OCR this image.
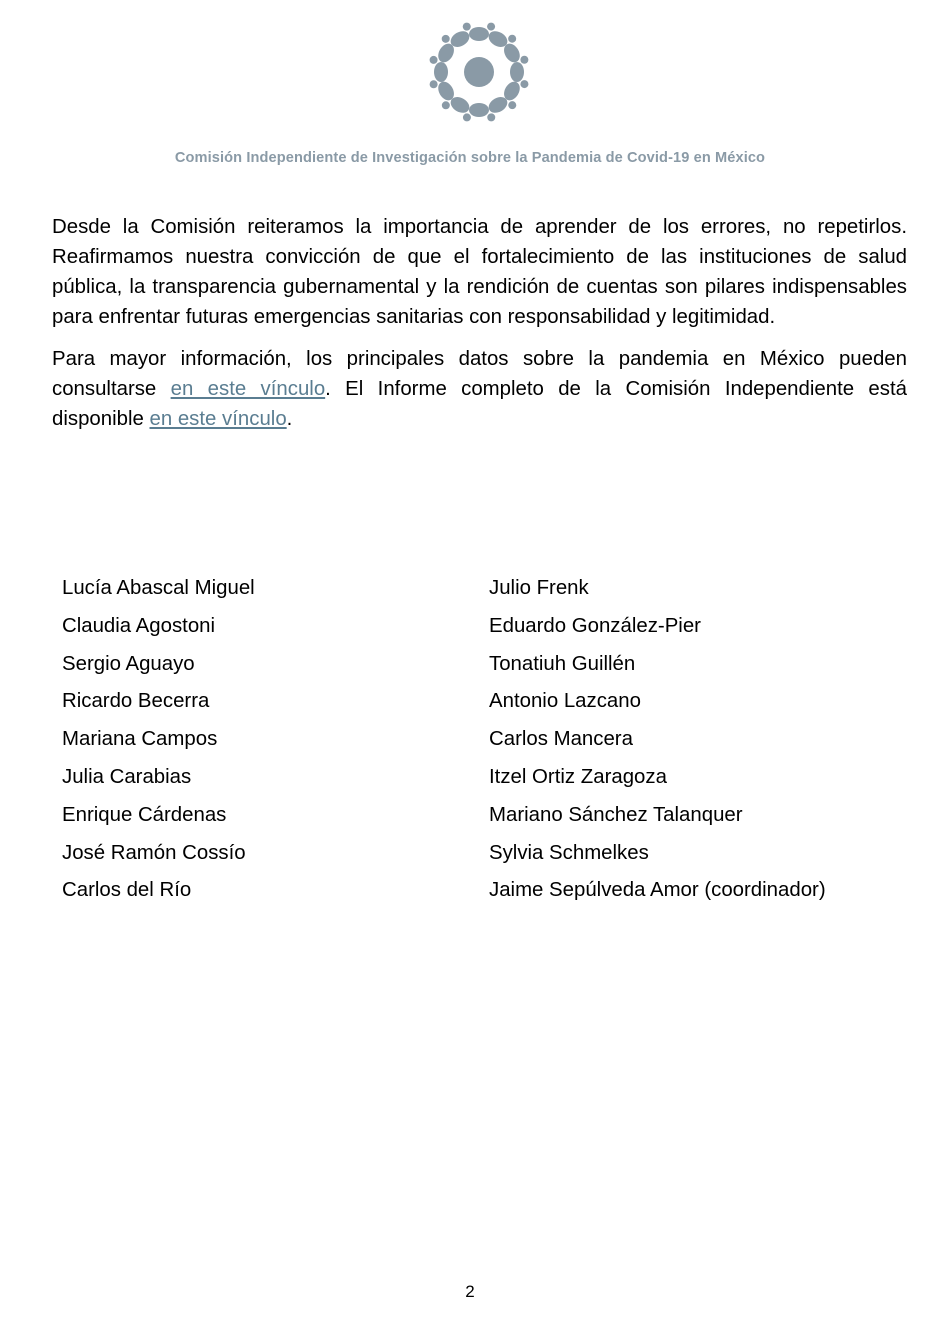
Comisión Independiente de Investigación sobre la Pandemia de Covid-19 en México

Desde la Comisión reiteramos la importancia de aprender de los errores, no repetirlos. Reafirmamos nuestra convicción de que el fortalecimiento de las instituciones de salud pública, la transparencia gubernamental y la rendición de cuentas son pilares indispensables para enfrentar futuras emergencias sanitarias con responsabilidad y legitimidad.

Para mayor información, los principales datos sobre la pandemia en México pueden consultarse en este vínculo. El Informe completo de la Comisión Independiente está disponible en este vínculo.

Lucía Abascal Miguel
Claudia Agostoni
Sergio Aguayo
Ricardo Becerra
Mariana Campos
Julia Carabias
Enrique Cárdenas
José Ramón Cossío
Carlos del Río
Julio Frenk
Eduardo González-Pier
Tonatiuh Guillén
Antonio Lazcano
Carlos Mancera
Itzel Ortiz Zaragoza
Mariano Sánchez Talanquer
Sylvia Schmelkes
Jaime Sepúlveda Amor (coordinador)
2
